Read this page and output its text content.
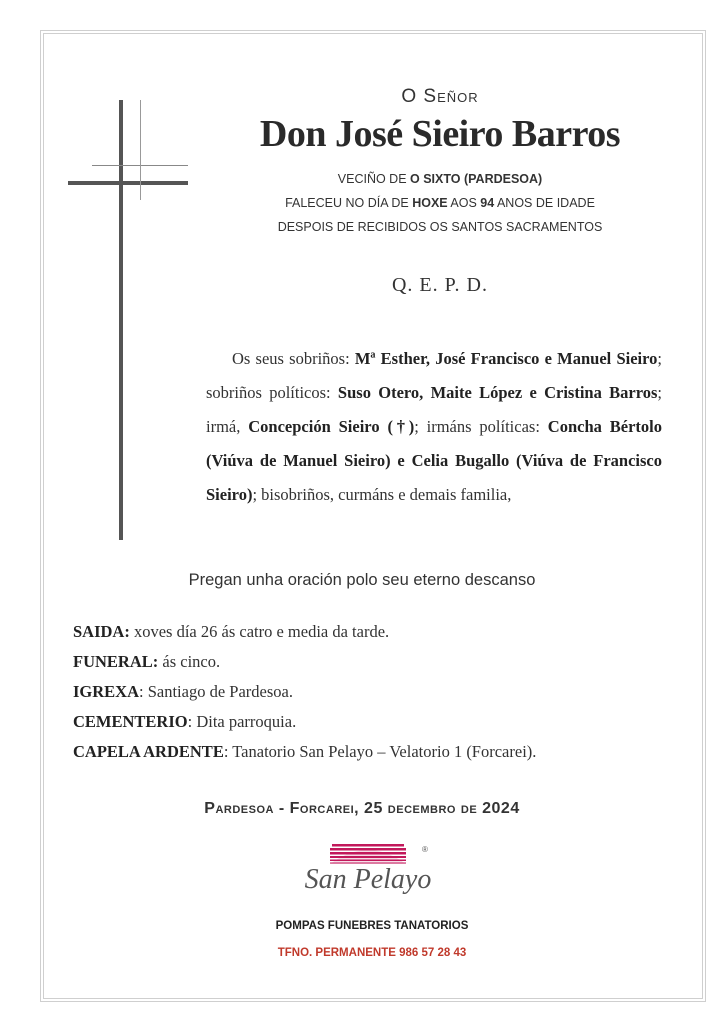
O Señor
Don José Sieiro Barros
VECIÑO DE O SIXTO (PARDESOA)
FALECEU NO DÍA DE HOXE AOS 94 ANOS DE IDADE
DESPOIS DE RECIBIDOS OS SANTOS SACRAMENTOS
Q. E. P. D.
Os seus sobriños: Mª Esther, José Francisco e Manuel Sieiro; sobriños políticos: Suso Otero, Maite López e Cristina Barros; irmá, Concepción Sieiro (†); irmáns políticas: Concha Bértolo (Viúva de Manuel Sieiro) e Celia Bugallo (Viúva de Francisco Sieiro); bisobriños, curmáns e demais familia,
Pregan unha oración polo seu eterno descanso
SAIDA: xoves día 26 ás catro e media da tarde.
FUNERAL: ás cinco.
IGREXA: Santiago de Pardesoa.
CEMENTERIO: Dita parroquia.
CAPELA ARDENTE: Tanatorio San Pelayo – Velatorio 1 (Forcarei).
Pardesoa - Forcarei, 25 decembro de 2024
San Pelayo
®
POMPAS FUNEBRES TANATORIOS
TFNO. PERMANENTE 986 57 28 43
